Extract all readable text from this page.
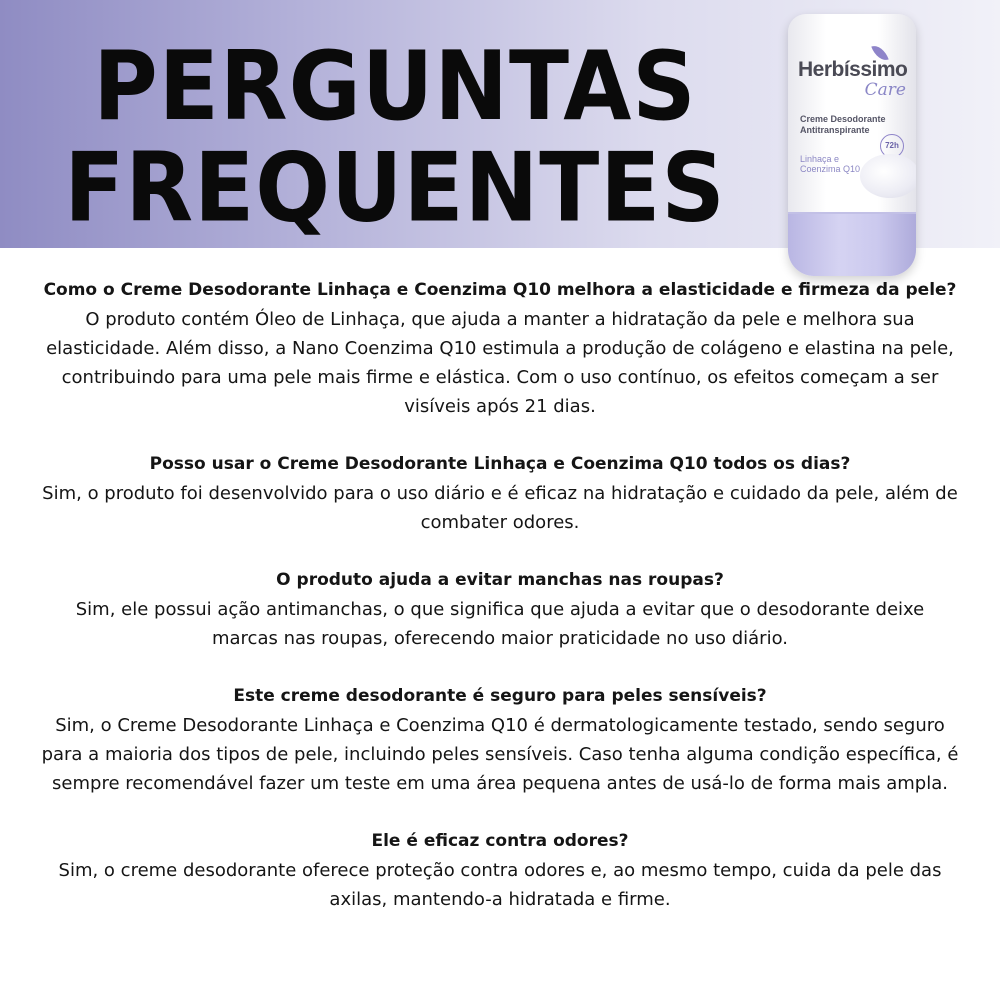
PERGUNTAS
FREQUENTES
Herbíssimo
Care
Creme Desodorante
Antitranspirante
72h
Linhaça e
Coenzima Q10

Como o Creme Desodorante Linhaça e Coenzima Q10 melhora a elasticidade e firmeza da pele?

O produto contém Óleo de Linhaça, que ajuda a manter a hidratação da pele e melhora sua elasticidade. Além disso, a Nano Coenzima Q10 estimula a produção de colágeno e elastina na pele, contribuindo para uma pele mais firme e elástica. Com o uso contínuo, os efeitos começam a ser visíveis após 21 dias.

Posso usar o Creme Desodorante Linhaça e Coenzima Q10 todos os dias?

Sim, o produto foi desenvolvido para o uso diário e é eficaz na hidratação e cuidado da pele, além de combater odores.

O produto ajuda a evitar manchas nas roupas?

Sim, ele possui ação antimanchas, o que significa que ajuda a evitar que o desodorante deixe marcas nas roupas, oferecendo maior praticidade no uso diário.

Este creme desodorante é seguro para peles sensíveis?

Sim, o Creme Desodorante Linhaça e Coenzima Q10 é dermatologicamente testado, sendo seguro para a maioria dos tipos de pele, incluindo peles sensíveis. Caso tenha alguma condição específica, é sempre recomendável fazer um teste em uma área pequena antes de usá-lo de forma mais ampla.

Ele é eficaz contra odores?

Sim, o creme desodorante oferece proteção contra odores e, ao mesmo tempo, cuida da pele das axilas, mantendo-a hidratada e firme.
